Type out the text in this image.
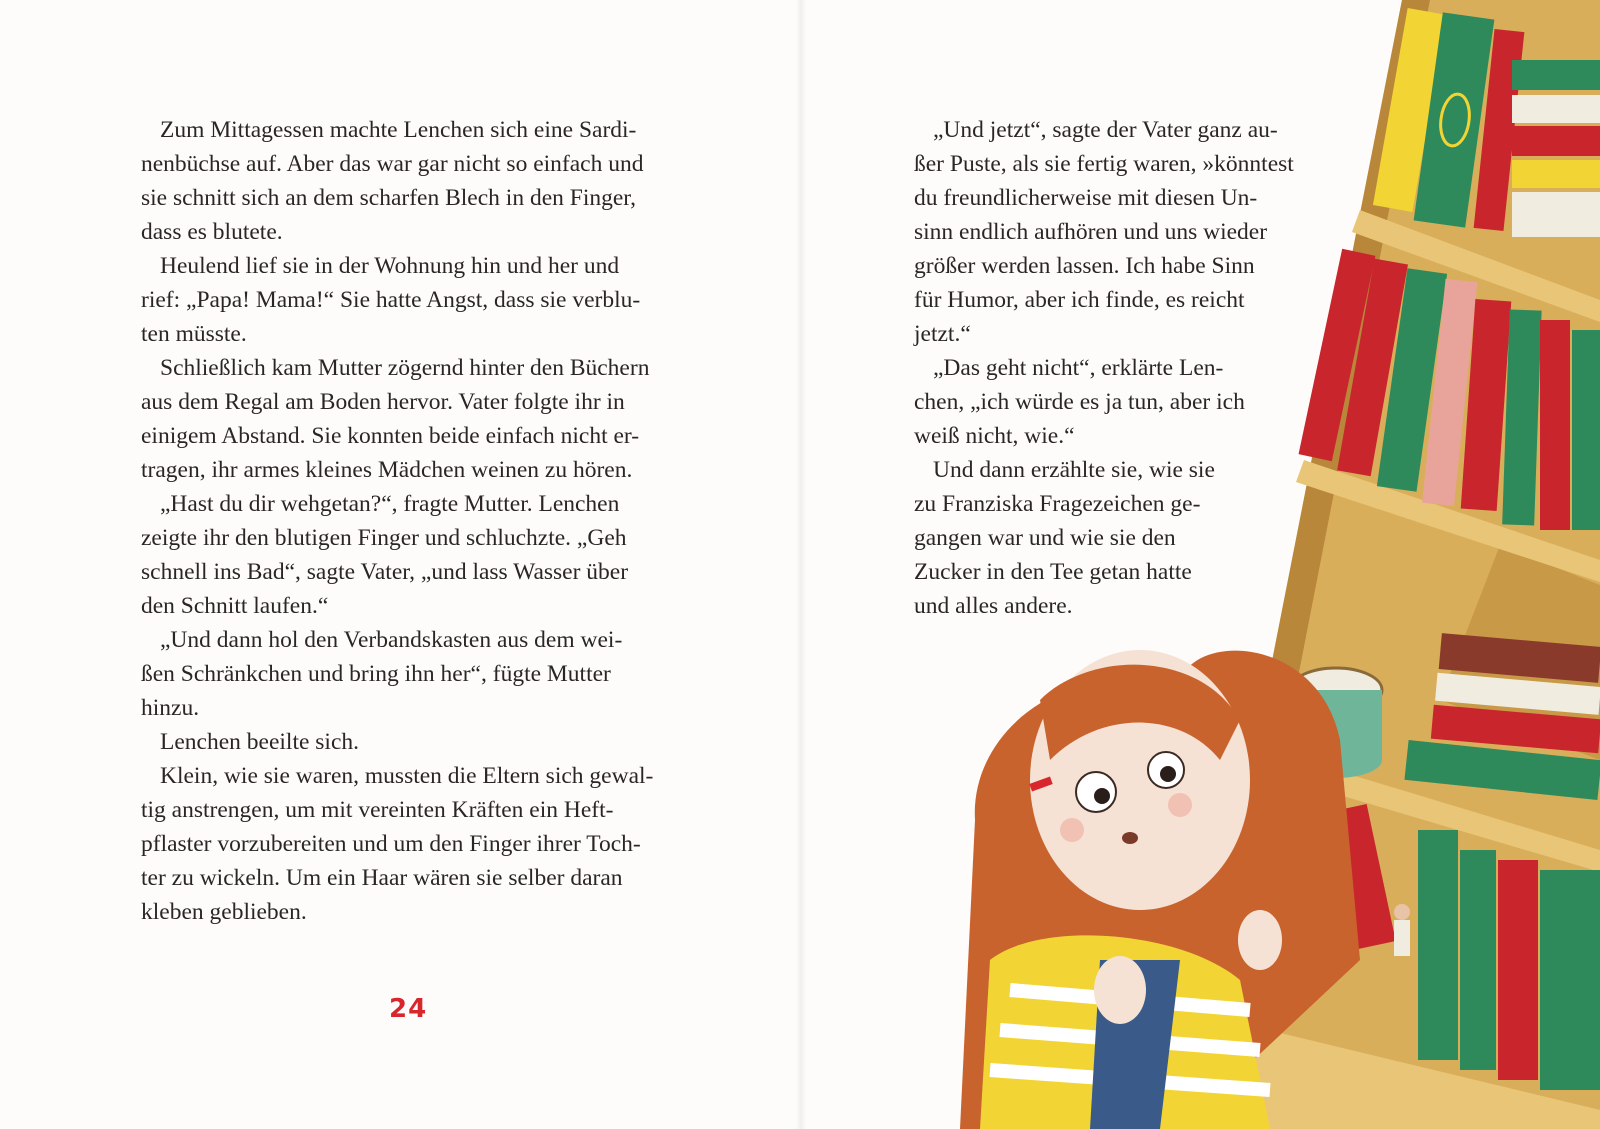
Zum Mittagessen machte Lenchen sich eine Sardi-
nenbüchse auf. Aber das war gar nicht so einfach und
sie schnitt sich an dem scharfen Blech in den Finger,
dass es blutete.

Heulend lief sie in der Wohnung hin und her und
rief: „Papa! Mama!“ Sie hatte Angst, dass sie verblu-
ten müsste.

Schließlich kam Mutter zögernd hinter den Büchern
aus dem Regal am Boden hervor. Vater folgte ihr in
einigem Abstand. Sie konnten beide einfach nicht er-
tragen, ihr armes kleines Mädchen weinen zu hören.

„Hast du dir wehgetan?“, fragte Mutter. Lenchen
zeigte ihr den blutigen Finger und schluchzte. „Geh
schnell ins Bad“, sagte Vater, „und lass Wasser über
den Schnitt laufen.“

„Und dann hol den Verbandskasten aus dem wei-
ßen Schränkchen und bring ihn her“, fügte Mutter
hinzu.

Lenchen beeilte sich.

Klein, wie sie waren, mussten die Eltern sich gewal-
tig anstrengen, um mit vereinten Kräften ein Heft-
pflaster vorzubereiten und um den Finger ihrer Toch-
ter zu wickeln. Um ein Haar wären sie selber daran
kleben geblieben.

24

„Und jetzt“, sagte der Vater ganz au-
ßer Puste, als sie fertig waren, »könntest
du freundlicherweise mit diesen Un-
sinn endlich aufhören und uns wieder
größer werden lassen. Ich habe Sinn
für Humor, aber ich finde, es reicht
jetzt.“

„Das geht nicht“, erklärte Len-
chen, „ich würde es ja tun, aber ich
weiß nicht, wie.“

Und dann erzählte sie, wie sie
zu Franziska Fragezeichen ge-
gangen war und wie sie den
Zucker in den Tee getan hatte
und alles andere.
